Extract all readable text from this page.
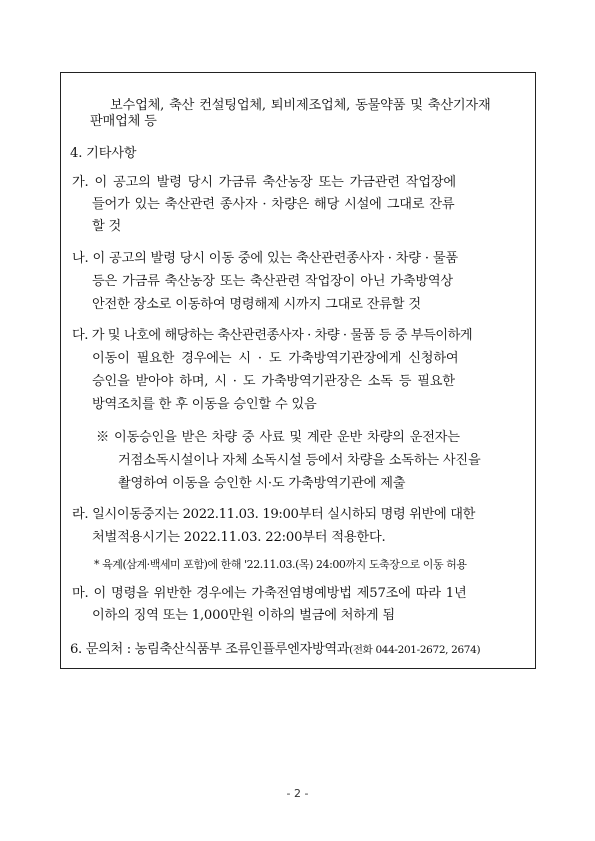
보수업체, 축산 컨설팅업체, 퇴비제조업체, 동물약품 및 축산기자재
판매업체 등
4. 기타사항
가. 이 공고의 발령 당시 가금류 축산농장 또는 가금관련 작업장에
들어가 있는 축산관련 종사자 · 차량은 해당 시설에 그대로 잔류
할 것
나. 이 공고의 발령 당시 이동 중에 있는 축산관련종사자 · 차량 · 물품
등은 가금류 축산농장 또는 축산관련 작업장이 아닌 가축방역상
안전한 장소로 이동하여 명령해제 시까지 그대로 잔류할 것
다. 가 및 나호에 해당하는 축산관련종사자 · 차량 · 물품 등 중 부득이하게
이동이 필요한 경우에는 시 · 도 가축방역기관장에게 신청하여
승인을 받아야 하며, 시 · 도 가축방역기관장은 소독 등 필요한
방역조치를 한 후 이동을 승인할 수 있음
※ 이동승인을 받은 차량 중 사료 및 계란 운반 차량의 운전자는
거점소독시설이나 자체 소독시설 등에서 차량을 소독하는 사진을
촬영하여 이동을 승인한 시·도 가축방역기관에 제출
라. 일시이동중지는 2022.11.03. 19:00부터 실시하되 명령 위반에 대한
처벌적용시기는 2022.11.03. 22:00부터 적용한다.
* 육계(삼계·백세미 포함)에 한해 '22.11.03.(목) 24:00까지 도축장으로 이동 허용
마. 이 명령을 위반한 경우에는 가축전염병예방법 제57조에 따라 1년
이하의 징역 또는 1,000만원 이하의 벌금에 처하게 됨
6. 문의처 : 농림축산식품부 조류인플루엔자방역과(전화 044-201-2672, 2674)
- 2 -
